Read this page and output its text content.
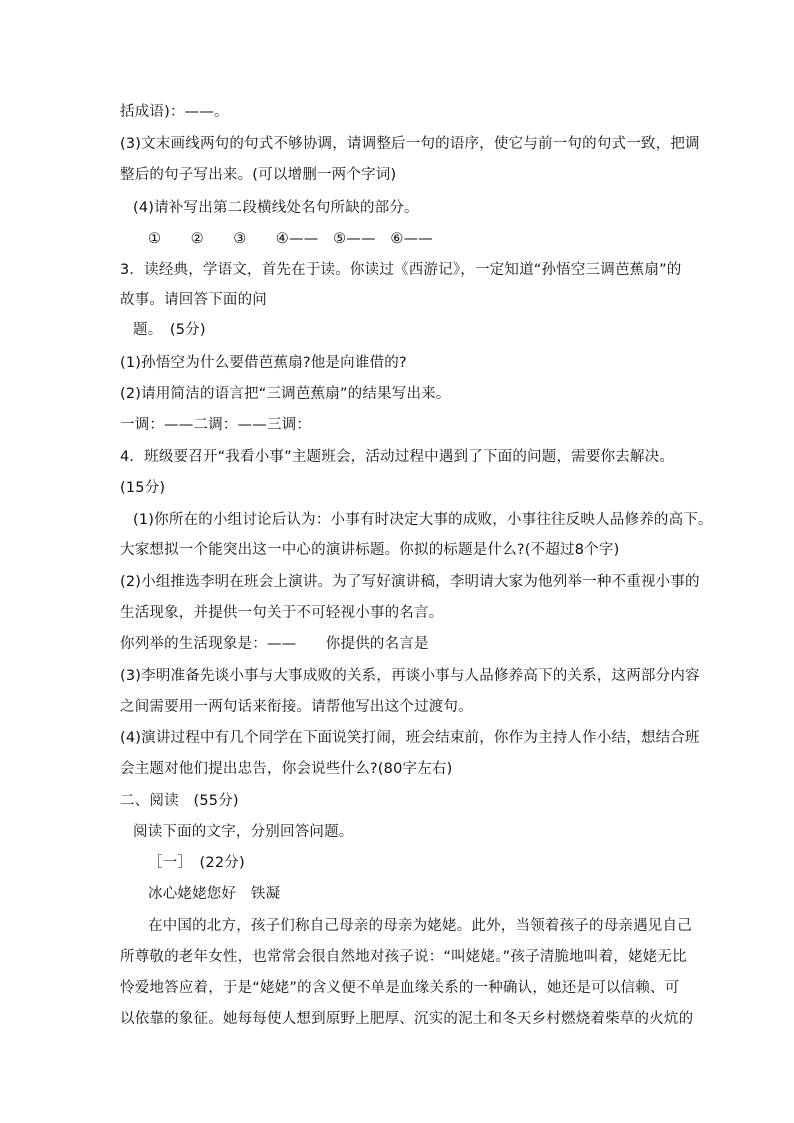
括成语)：——。
(3)文末画线两句的句式不够协调，请调整后一句的语序，使它与前一句的句式一致，把调
整后的句子写出来。(可以增删一两个字词)
(4)请补写出第二段横线处名句所缺的部分。
①　　②　　③　　④——　⑤——　⑥——
3．读经典，学语文，首先在于读。你读过《西游记》，一定知道“孙悟空三调芭蕉扇”的
故事。请回答下面的问
题。　(5分)
(1)孙悟空为什么要借芭蕉扇?他是向谁借的?
(2)请用简洁的语言把“三调芭蕉扇”的结果写出来。
一调：——二调：——三调：
4．班级要召开“我看小事”主题班会，活动过程中遇到了下面的问题，需要你去解决。
(15分)
(1)你所在的小组讨论后认为：小事有时决定大事的成败，小事往往反映人品修养的高下。
大家想拟一个能突出这一中心的演讲标题。你拟的标题是什么?(不超过8个字)
(2)小组推选李明在班会上演讲。为了写好演讲稿，李明请大家为他列举一种不重视小事的
生活现象，并提供一句关于不可轻视小事的名言。
你列举的生活现象是：——　　你提供的名言是
(3)李明准备先谈小事与大事成败的关系，再谈小事与人品修养高下的关系，这两部分内容
之间需要用一两句话来衔接。请帮他写出这个过渡句。
(4)演讲过程中有几个同学在下面说笑打闹，班会结束前，你作为主持人作小结，想结合班
会主题对他们提出忠告，你会说些什么?(80字左右)
二、阅读　(55分)
阅读下面的文字，分别回答问题。
［一］　(22分)
冰心姥姥您好　铁凝
在中国的北方，孩子们称自己母亲的母亲为姥姥。此外，当领着孩子的母亲遇见自己
所尊敬的老年女性，也常常会很自然地对孩子说：“叫姥姥。”孩子清脆地叫着，姥姥无比
怜爱地答应着，于是“姥姥”的含义便不单是血缘关系的一种确认，她还是可以信赖、可
以依靠的象征。她每每使人想到原野上肥厚、沉实的泥土和冬天乡村燃烧着柴草的火炕的
